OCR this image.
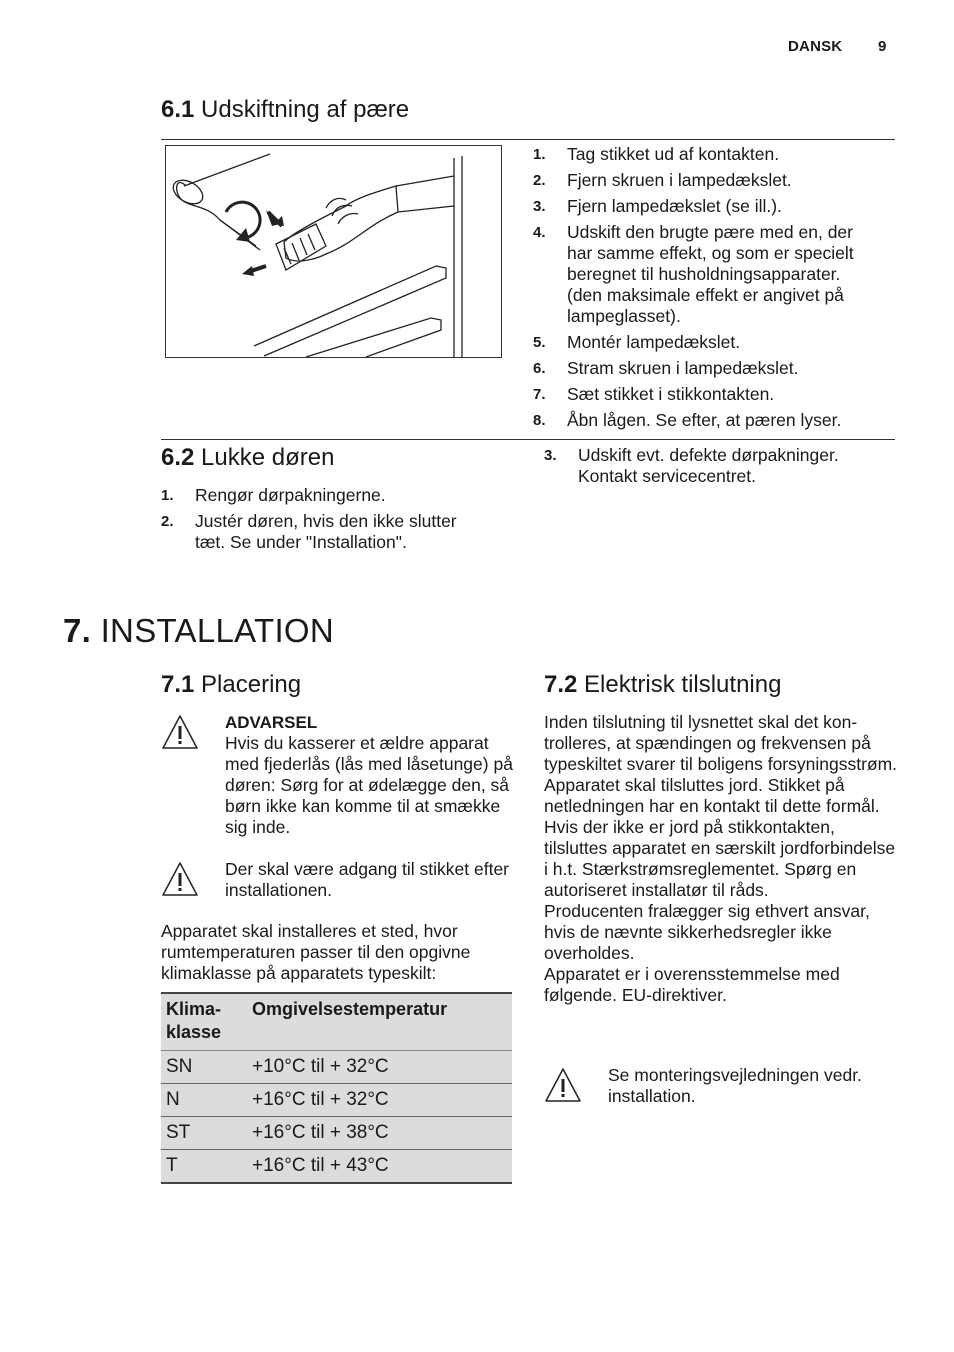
DANSK 9
6.1 Udskiftning af pære
1. Tag stikket ud af kontakten.
2. Fjern skruen i lampedækslet.
3. Fjern lampedækslet (se ill.).
4. Udskift den brugte pære med en, der har samme effekt, og som er specielt beregnet til husholdningsapparater. (den maksimale effekt er angivet på lampeglasset).
5. Montér lampedækslet.
6. Stram skruen i lampedækslet.
7. Sæt stikket i stikkontakten.
8. Åbn lågen. Se efter, at pæren lyser.
6.2 Lukke døren
1. Rengør dørpakningerne.
2. Justér døren, hvis den ikke slutter tæt. Se under "Installation".
3. Udskift evt. defekte dørpakninger. Kontakt servicecentret.
7. INSTALLATION
7.1 Placering
ADVARSEL
Hvis du kasserer et ældre apparat med fjederlås (lås med låsetunge) på døren: Sørg for at ødelægge den, så børn ikke kan komme til at smække sig inde.
Der skal være adgang til stikket efter installationen.
Apparatet skal installeres et sted, hvor rumtemperaturen passer til den opgivne klimaklasse på apparatets typeskilt:
Klimaklasse	Omgivelsestemperatur
SN	+10°C til + 32°C
N	+16°C til + 32°C
ST	+16°C til + 38°C
T	+16°C til + 43°C
7.2 Elektrisk tilslutning
Inden tilslutning til lysnettet skal det kontrolleres, at spændingen og frekvensen på typeskiltet svarer til boligens forsyningsstrøm.
Apparatet skal tilsluttes jord. Stikket på netledningen har en kontakt til dette formål. Hvis der ikke er jord på stikkontakten, tilsluttes apparatet en særskilt jordforbindelse i h.t. Stærkstrømsreglementet. Spørg en autoriseret installatør til råds.
Producenten fralægger sig ethvert ansvar, hvis de nævnte sikkerhedsregler ikke overholdes.
Apparatet er i overensstemmelse med følgende. EU-direktiver.
Se monteringsvejledningen vedr. installation.
